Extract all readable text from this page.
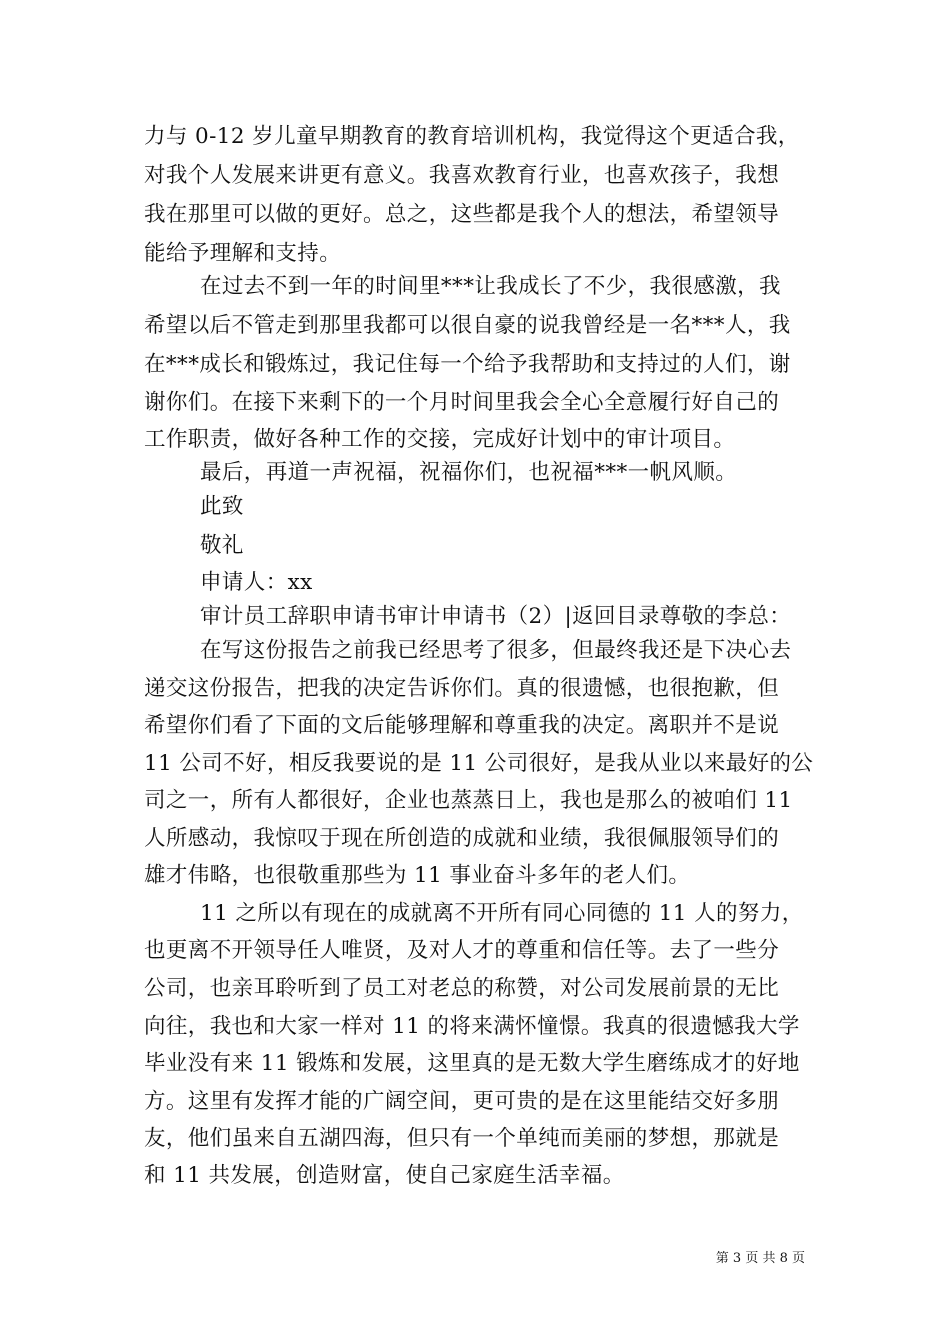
力与 0-12 岁儿童早期教育的教育培训机构，我觉得这个更适合我，
对我个人发展来讲更有意义。我喜欢教育行业，也喜欢孩子，我想
我在那里可以做的更好。总之，这些都是我个人的想法，希望领导
能给予理解和支持。
在过去不到一年的时间里***让我成长了不少，我很感激，我
希望以后不管走到那里我都可以很自豪的说我曾经是一名***人，我
在***成长和锻炼过，我记住每一个给予我帮助和支持过的人们，谢
谢你们。在接下来剩下的一个月时间里我会全心全意履行好自己的
工作职责，做好各种工作的交接，完成好计划中的审计项目。
最后，再道一声祝福，祝福你们，也祝福***一帆风顺。
此致
敬礼
申请人：xx
审计员工辞职申请书审计申请书（2）|返回目录尊敬的李总：
在写这份报告之前我已经思考了很多，但最终我还是下决心去
递交这份报告，把我的决定告诉你们。真的很遗憾，也很抱歉，但
希望你们看了下面的文后能够理解和尊重我的决定。离职并不是说
11 公司不好，相反我要说的是 11 公司很好，是我从业以来最好的公
司之一，所有人都很好，企业也蒸蒸日上，我也是那么的被咱们 11
人所感动，我惊叹于现在所创造的成就和业绩，我很佩服领导们的
雄才伟略，也很敬重那些为 11 事业奋斗多年的老人们。
11 之所以有现在的成就离不开所有同心同德的 11 人的努力，
也更离不开领导任人唯贤，及对人才的尊重和信任等。去了一些分
公司，也亲耳聆听到了员工对老总的称赞，对公司发展前景的无比
向往，我也和大家一样对 11 的将来满怀憧憬。我真的很遗憾我大学
毕业没有来 11 锻炼和发展，这里真的是无数大学生磨练成才的好地
方。这里有发挥才能的广阔空间，更可贵的是在这里能结交好多朋
友，他们虽来自五湖四海，但只有一个单纯而美丽的梦想，那就是
和 11 共发展，创造财富，使自己家庭生活幸福。
第 3 页 共 8 页
